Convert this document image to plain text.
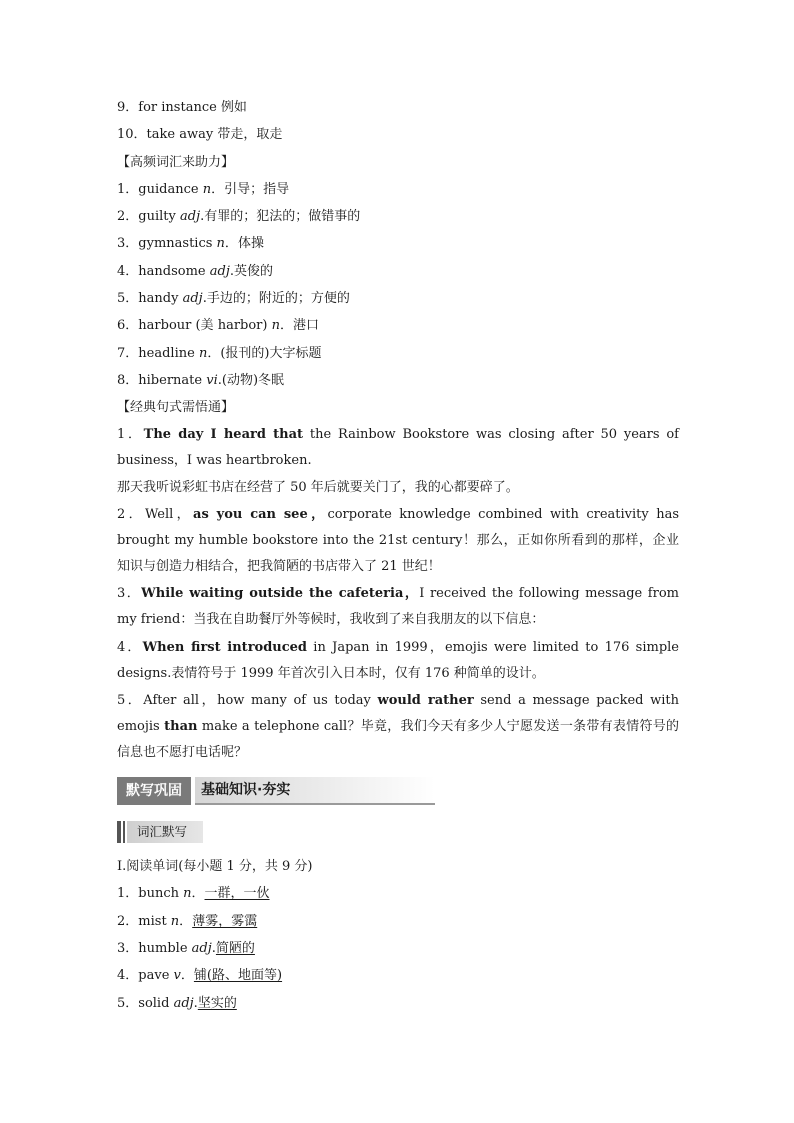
9．for instance 例如
10．take away 带走，取走
【高频词汇来助力】
1．guidance n．引导；指导
2．guilty adj.有罪的；犯法的；做错事的
3．gymnastics n．体操
4．handsome adj.英俊的
5．handy adj.手边的；附近的；方便的
6．harbour (美 harbor) n．港口
7．headline n．(报刊的)大字标题
8．hibernate vi.(动物)冬眠
【经典句式需悟通】
1．The day I heard that the Rainbow Bookstore was closing after 50 years of business，I was heartbroken.
那天我听说彩虹书店在经营了 50 年后就要关门了，我的心都要碎了。
2．Well，as you can see，corporate knowledge combined with creativity has brought my humble bookstore into the 21st century！那么，正如你所看到的那样，企业知识与创造力相结合，把我简陋的书店带入了 21 世纪！
3．While waiting outside the cafeteria，I received the following message from my friend：当我在自助餐厅外等候时，我收到了来自我朋友的以下信息：
4．When first introduced in Japan in 1999，emojis were limited to 176 simple designs.表情符号于 1999 年首次引入日本时，仅有 176 种简单的设计。
5．After all，how many of us today would rather send a message packed with emojis than make a telephone call？毕竟，我们今天有多少人宁愿发送一条带有表情符号的信息也不愿打电话呢？
默写巩固	基础知识·夯实
词汇默写
Ⅰ.阅读单词(每小题 1 分，共 9 分)
1．bunch n．一群，一伙
2．mist n．薄雾，雾霭
3．humble adj.简陋的
4．pave v．铺(路、地面等)
5．solid adj.坚实的
